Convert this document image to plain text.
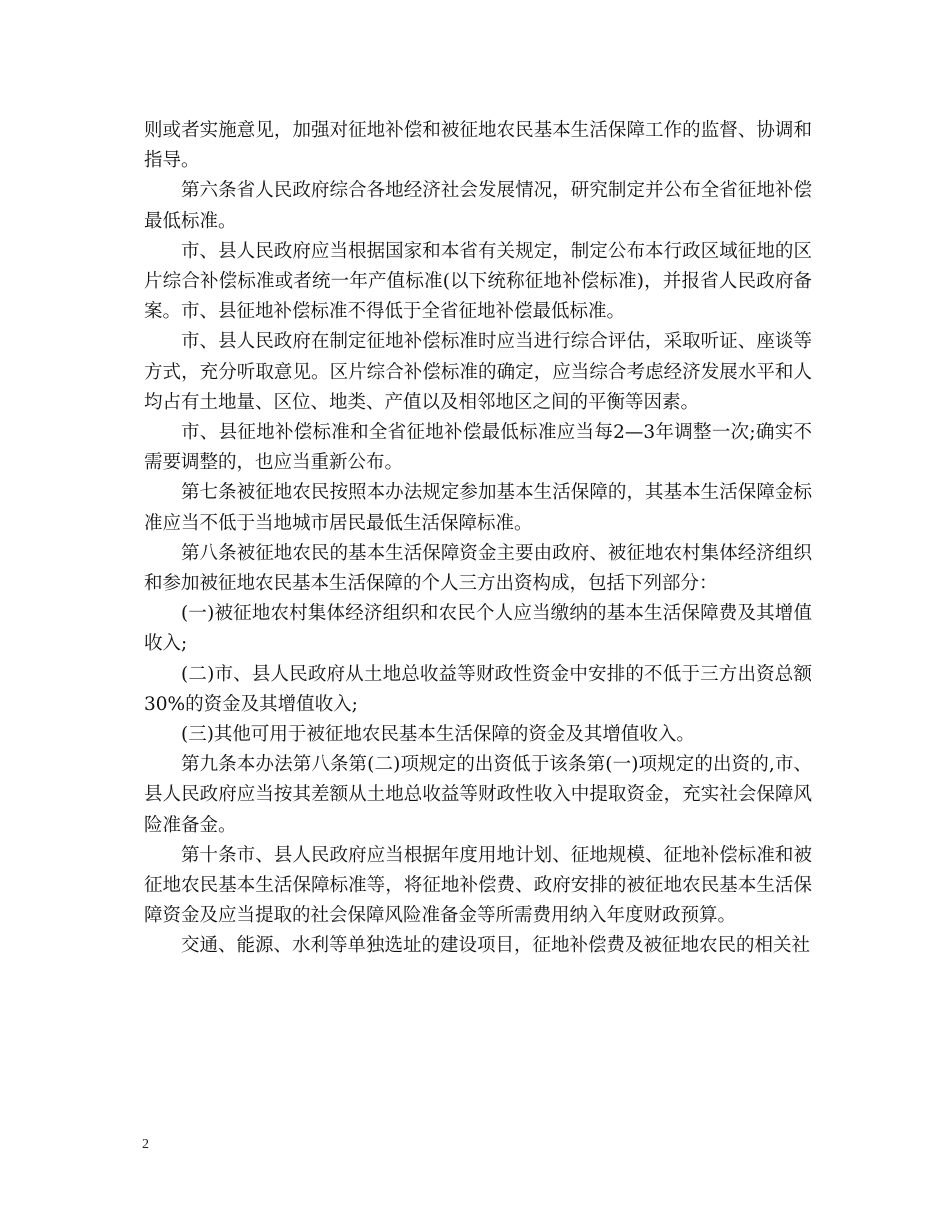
则或者实施意见，加强对征地补偿和被征地农民基本生活保障工作的监督、协调和指导。

第六条省人民政府综合各地经济社会发展情况，研究制定并公布全省征地补偿最低标准。

市、县人民政府应当根据国家和本省有关规定，制定公布本行政区域征地的区片综合补偿标准或者统一年产值标准(以下统称征地补偿标准)，并报省人民政府备案。市、县征地补偿标准不得低于全省征地补偿最低标准。

市、县人民政府在制定征地补偿标准时应当进行综合评估，采取听证、座谈等方式，充分听取意见。区片综合补偿标准的确定，应当综合考虑经济发展水平和人均占有土地量、区位、地类、产值以及相邻地区之间的平衡等因素。

市、县征地补偿标准和全省征地补偿最低标准应当每2—3年调整一次;确实不需要调整的，也应当重新公布。

第七条被征地农民按照本办法规定参加基本生活保障的，其基本生活保障金标准应当不低于当地城市居民最低生活保障标准。

第八条被征地农民的基本生活保障资金主要由政府、被征地农村集体经济组织和参加被征地农民基本生活保障的个人三方出资构成，包括下列部分：

(一)被征地农村集体经济组织和农民个人应当缴纳的基本生活保障费及其增值收入;

(二)市、县人民政府从土地总收益等财政性资金中安排的不低于三方出资总额30%的资金及其增值收入;

(三)其他可用于被征地农民基本生活保障的资金及其增值收入。

第九条本办法第八条第(二)项规定的出资低于该条第(一)项规定的出资的,市、县人民政府应当按其差额从土地总收益等财政性收入中提取资金，充实社会保障风险准备金。

第十条市、县人民政府应当根据年度用地计划、征地规模、征地补偿标准和被征地农民基本生活保障标准等，将征地补偿费、政府安排的被征地农民基本生活保障资金及应当提取的社会保障风险准备金等所需费用纳入年度财政预算。

交通、能源、水利等单独选址的建设项目，征地补偿费及被征地农民的相关社

2
